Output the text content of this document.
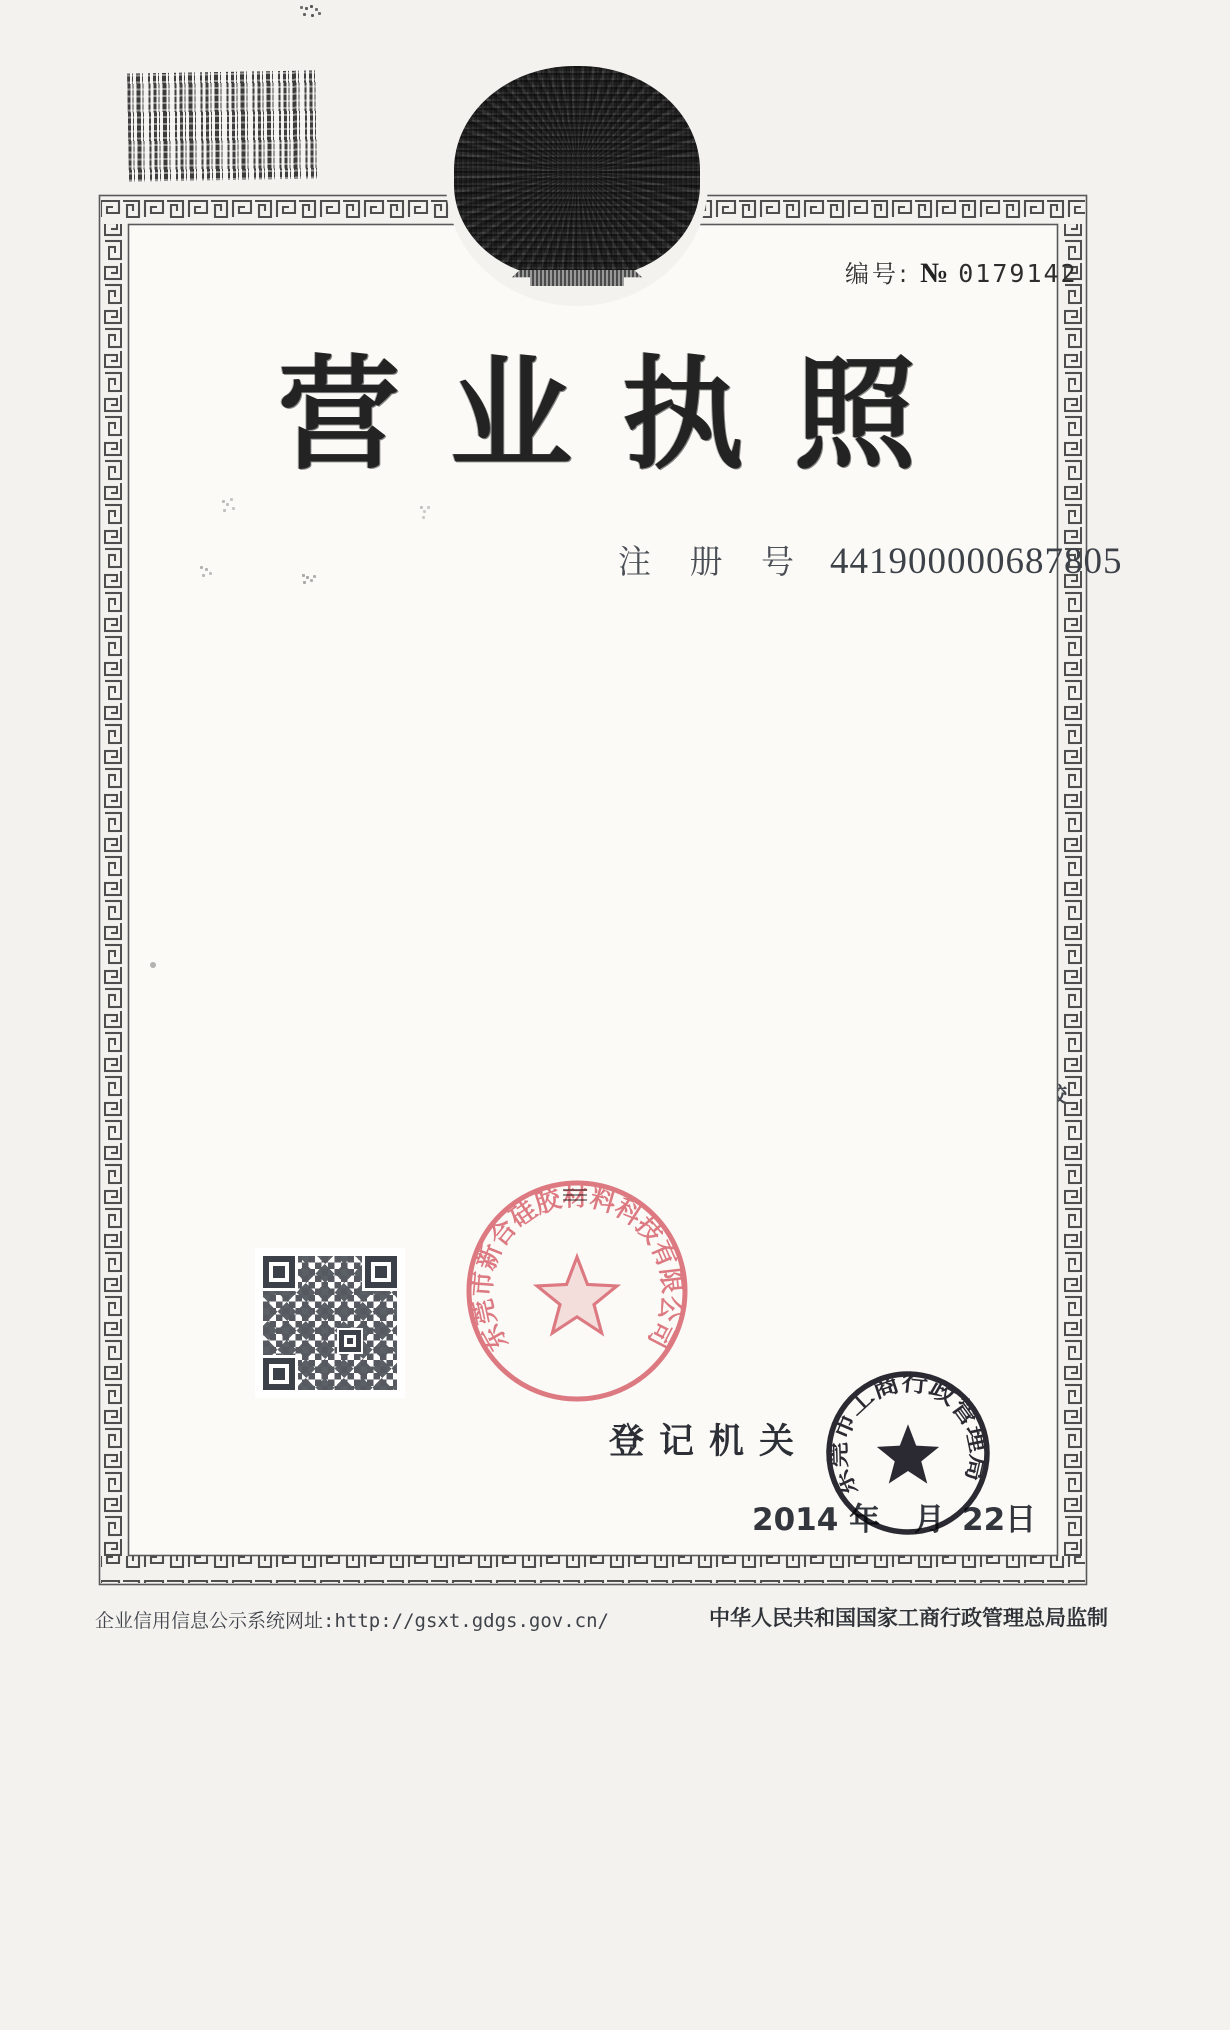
编号: № 0179142
营业执照
注 册 号 441900000687805
东莞市新合硅胶材料科技有限公司
登记机关
2014 年 月 22日
东莞市工商行政管理局
企业信用信息公示系统网址:http://gsxt.gdgs.gov.cn/	中华人民共和国国家工商行政管理总局监制
